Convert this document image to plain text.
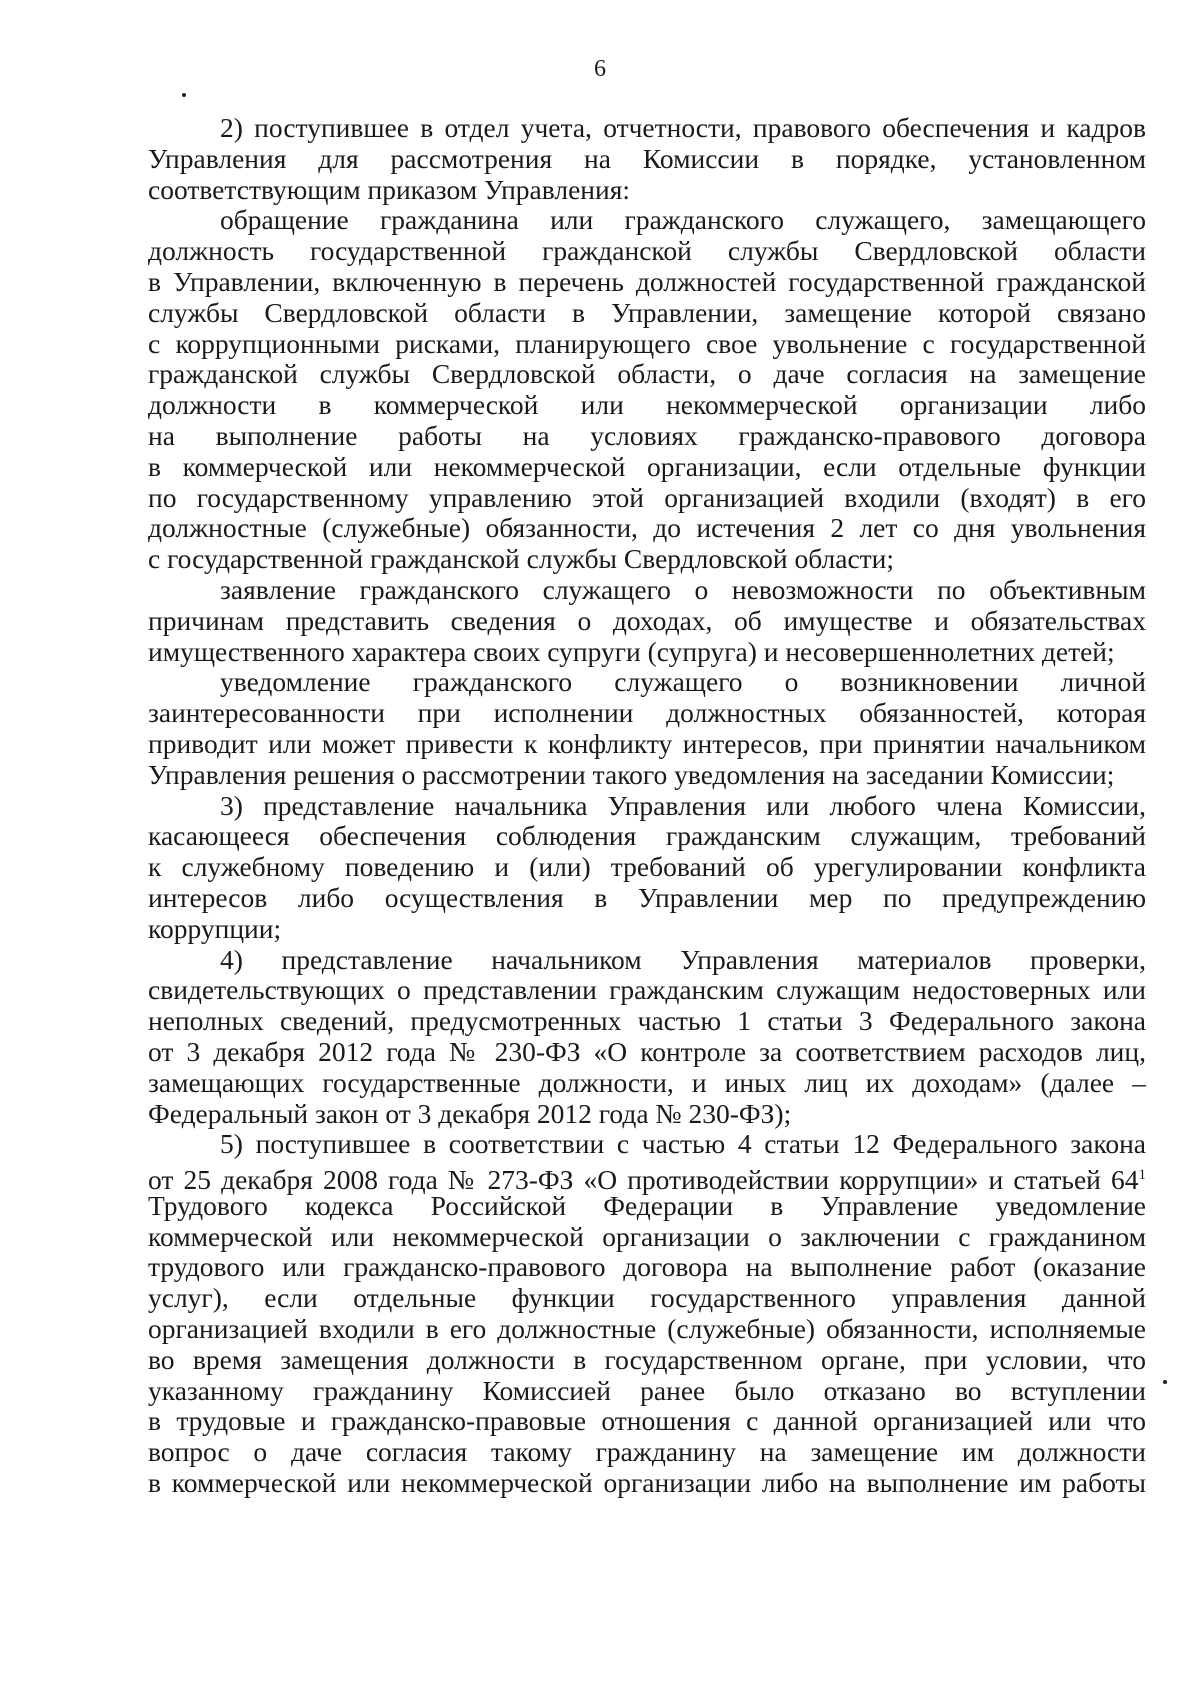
6
2) поступившее в отдел учета, отчетности, правового обеспечения и кадров
Управления для рассмотрения на Комиссии в порядке, установленном
соответствующим приказом Управления:
обращение гражданина или гражданского служащего, замещающего
должность государственной гражданской службы Свердловской области
в Управлении, включенную в перечень должностей государственной гражданской
службы Свердловской области в Управлении, замещение которой связано
с коррупционными рисками, планирующего свое увольнение с государственной
гражданской службы Свердловской области, о даче согласия на замещение
должности в коммерческой или некоммерческой организации либо
на выполнение работы на условиях гражданско-правового договора
в коммерческой или некоммерческой организации, если отдельные функции
по государственному управлению этой организацией входили (входят) в его
должностные (служебные) обязанности, до истечения 2 лет со дня увольнения
с государственной гражданской службы Свердловской области;
заявление гражданского служащего о невозможности по объективным
причинам представить сведения о доходах, об имуществе и обязательствах
имущественного характера своих супруги (супруга) и несовершеннолетних детей;
уведомление гражданского служащего о возникновении личной
заинтересованности при исполнении должностных обязанностей, которая
приводит или может привести к конфликту интересов, при принятии начальником
Управления решения о рассмотрении такого уведомления на заседании Комиссии;
3) представление начальника Управления или любого члена Комиссии,
касающееся обеспечения соблюдения гражданским служащим, требований
к служебному поведению и (или) требований об урегулировании конфликта
интересов либо осуществления в Управлении мер по предупреждению
коррупции;
4) представление начальником Управления материалов проверки,
свидетельствующих о представлении гражданским служащим недостоверных или
неполных сведений, предусмотренных частью 1 статьи 3 Федерального закона
от 3 декабря 2012 года № 230-ФЗ «О контроле за соответствием расходов лиц,
замещающих государственные должности, и иных лиц их доходам» (далее –
Федеральный закон от 3 декабря 2012 года № 230-ФЗ);
5) поступившее в соответствии с частью 4 статьи 12 Федерального закона
от 25 декабря 2008 года № 273-ФЗ «О противодействии коррупции» и статьей $64^1$
Трудового кодекса Российской Федерации в Управление уведомление
коммерческой или некоммерческой организации о заключении с гражданином
трудового или гражданско-правового договора на выполнение работ (оказание
услуг), если отдельные функции государственного управления данной
организацией входили в его должностные (служебные) обязанности, исполняемые
во время замещения должности в государственном органе, при условии, что
указанному гражданину Комиссией ранее было отказано во вступлении
в трудовые и гражданско-правовые отношения с данной организацией или что
вопрос о даче согласия такому гражданину на замещение им должности
в коммерческой или некоммерческой организации либо на выполнение им работы
